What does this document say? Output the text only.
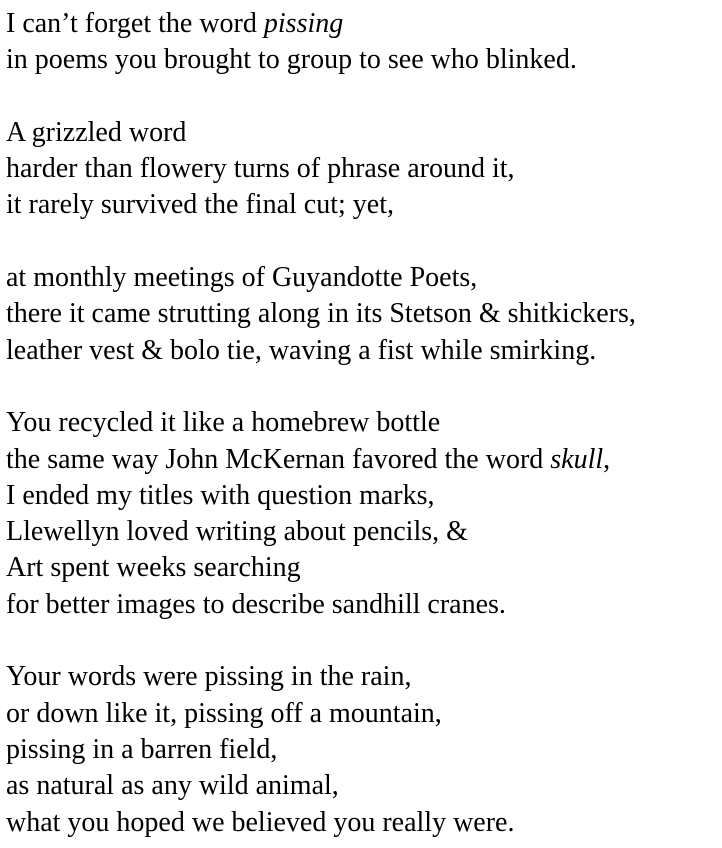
I can’t forget the word pissing
in poems you brought to group to see who blinked.
A grizzled word
harder than flowery turns of phrase around it,
it rarely survived the final cut; yet,
at monthly meetings of Guyandotte Poets,
there it came strutting along in its Stetson & shitkickers,
leather vest & bolo tie, waving a fist while smirking.
You recycled it like a homebrew bottle
the same way John McKernan favored the word skull,
I ended my titles with question marks,
Llewellyn loved writing about pencils, &
Art spent weeks searching
for better images to describe sandhill cranes.
Your words were pissing in the rain,
or down like it, pissing off a mountain,
pissing in a barren field,
as natural as any wild animal,
what you hoped we believed you really were.
